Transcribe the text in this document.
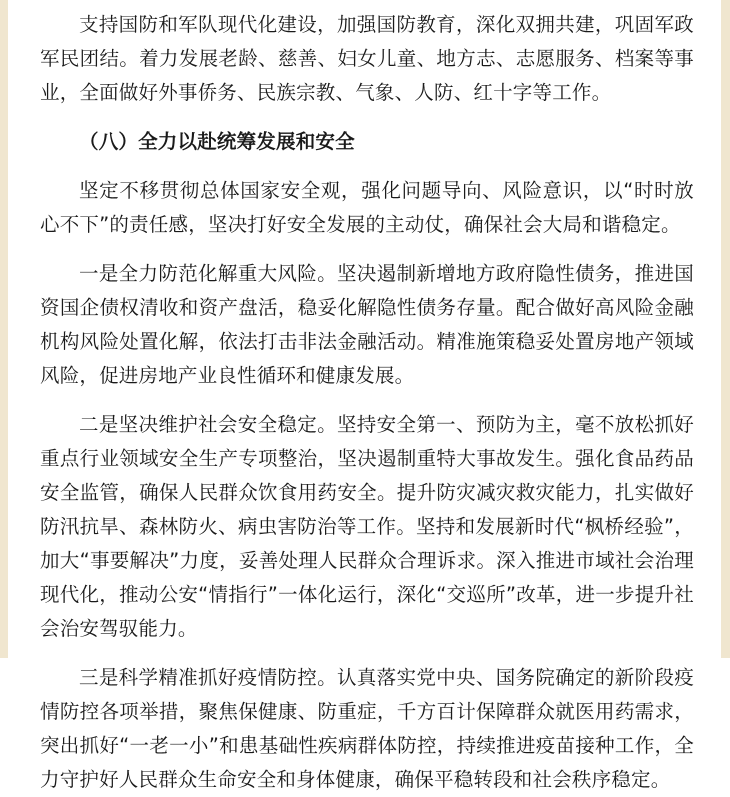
支持国防和军队现代化建设，加强国防教育，深化双拥共建，巩固军政军民团结。着力发展老龄、慈善、妇女儿童、地方志、志愿服务、档案等事业，全面做好外事侨务、民族宗教、气象、人防、红十字等工作。

（八）全力以赴统筹发展和安全

坚定不移贯彻总体国家安全观，强化问题导向、风险意识，以“时时放心不下”的责任感，坚决打好安全发展的主动仗，确保社会大局和谐稳定。

一是全力防范化解重大风险。坚决遏制新增地方政府隐性债务，推进国资国企债权清收和资产盘活，稳妥化解隐性债务存量。配合做好高风险金融机构风险处置化解，依法打击非法金融活动。精准施策稳妥处置房地产领域风险，促进房地产业良性循环和健康发展。

二是坚决维护社会安全稳定。坚持安全第一、预防为主，毫不放松抓好重点行业领域安全生产专项整治，坚决遏制重特大事故发生。强化食品药品安全监管，确保人民群众饮食用药安全。提升防灾减灾救灾能力，扎实做好防汛抗旱、森林防火、病虫害防治等工作。坚持和发展新时代“枫桥经验”，加大“事要解决”力度，妥善处理人民群众合理诉求。深入推进市域社会治理现代化，推动公安“情指行”一体化运行，深化“交巡所”改革，进一步提升社会治安驾驭能力。

三是科学精准抓好疫情防控。认真落实党中央、国务院确定的新阶段疫情防控各项举措，聚焦保健康、防重症，千方百计保障群众就医用药需求，突出抓好“一老一小”和患基础性疾病群体防控，持续推进疫苗接种工作，全力守护好人民群众生命安全和身体健康，确保平稳转段和社会秩序稳定。
